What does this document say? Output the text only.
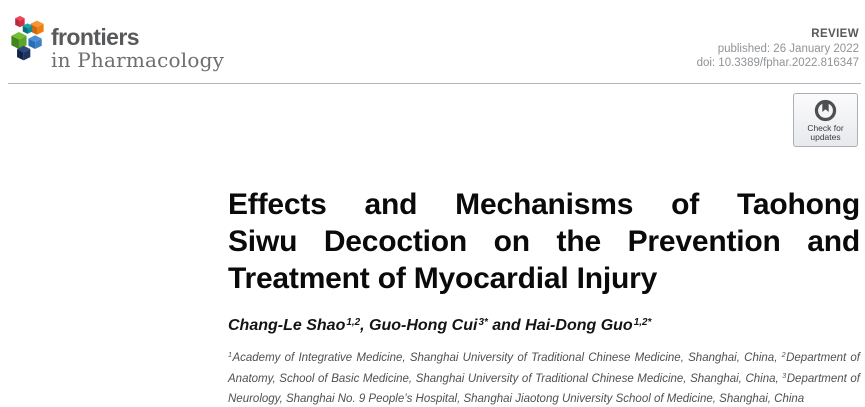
frontiers
in Pharmacology
REVIEW
published: 26 January 2022
doi: 10.3389/fphar.2022.816347
Check for
updates
Effects and Mechanisms of Taohong
Siwu Decoction on the Prevention and
Treatment of Myocardial Injury
Chang-Le Shao$^{1,2}$, Guo-Hong Cui$^{3*}$ and Hai-Dong Guo$^{1,2*}$

$^1$Academy of Integrative Medicine, Shanghai University of Traditional Chinese Medicine, Shanghai, China, $^2$Department of Anatomy, School of Basic Medicine, Shanghai University of Traditional Chinese Medicine, Shanghai, China, $^3$Department of Neurology, Shanghai No. 9 People’s Hospital, Shanghai Jiaotong University School of Medicine, Shanghai, China
